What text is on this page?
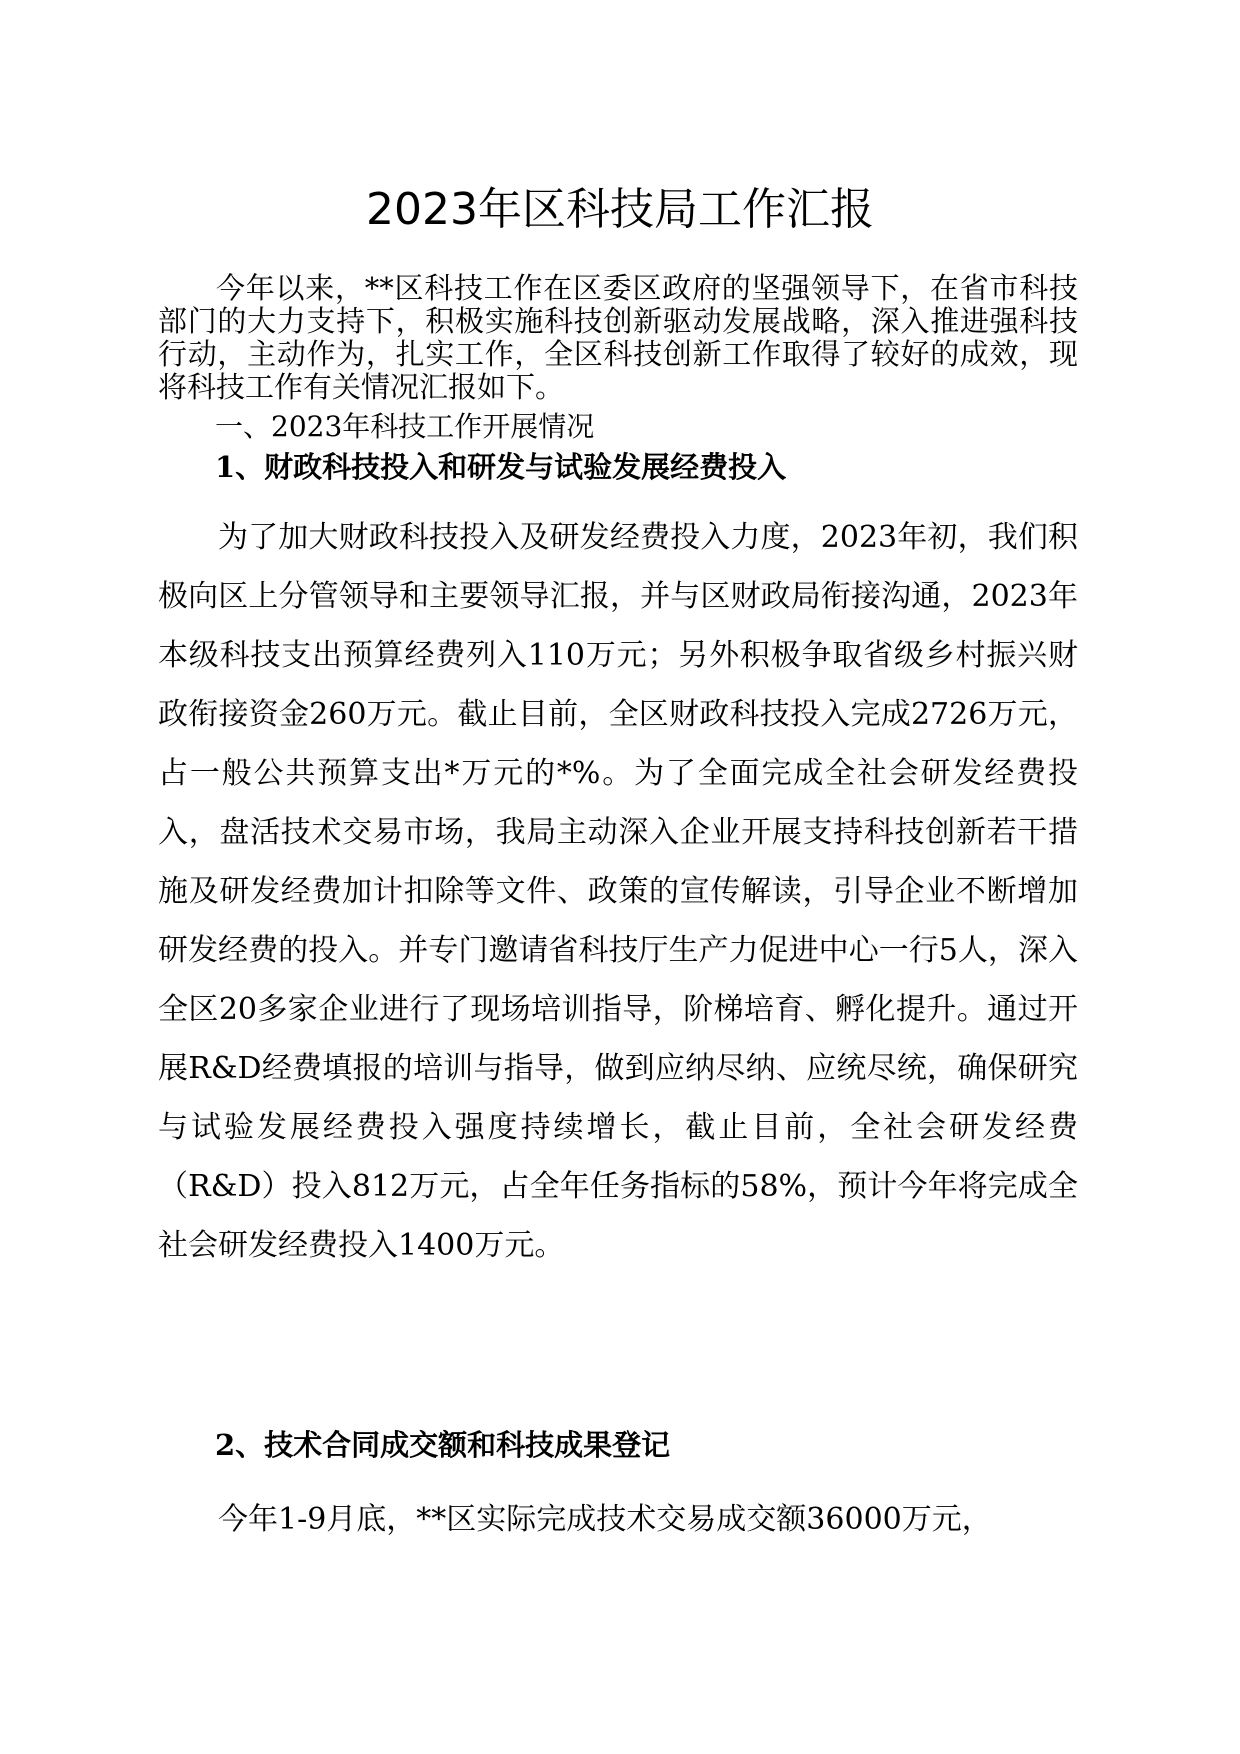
2023年区科技局工作汇报

今年以来，**区科技工作在区委区政府的坚强领导下，在省市科技部门的大力支持下，积极实施科技创新驱动发展战略，深入推进强科技行动，主动作为，扎实工作，全区科技创新工作取得了较好的成效，现将科技工作有关情况汇报如下。

一、2023年科技工作开展情况
1、财政科技投入和研发与试验发展经费投入

为了加大财政科技投入及研发经费投入力度，2023年初，我们积极向区上分管领导和主要领导汇报，并与区财政局衔接沟通，2023年本级科技支出预算经费列入110万元；另外积极争取省级乡村振兴财政衔接资金260万元。截止目前，全区财政科技投入完成2726万元，占一般公共预算支出*万元的*%。为了全面完成全社会研发经费投入，盘活技术交易市场，我局主动深入企业开展支持科技创新若干措施及研发经费加计扣除等文件、政策的宣传解读，引导企业不断增加研发经费的投入。并专门邀请省科技厅生产力促进中心一行5人，深入全区20多家企业进行了现场培训指导，阶梯培育、孵化提升。通过开展R&D经费填报的培训与指导，做到应纳尽纳、应统尽统，确保研究与试验发展经费投入强度持续增长，截止目前，全社会研发经费（R&D）投入812万元，占全年任务指标的58%，预计今年将完成全社会研发经费投入1400万元。

2、技术合同成交额和科技成果登记

今年1-9月底，**区实际完成技术交易成交额36000万元，
